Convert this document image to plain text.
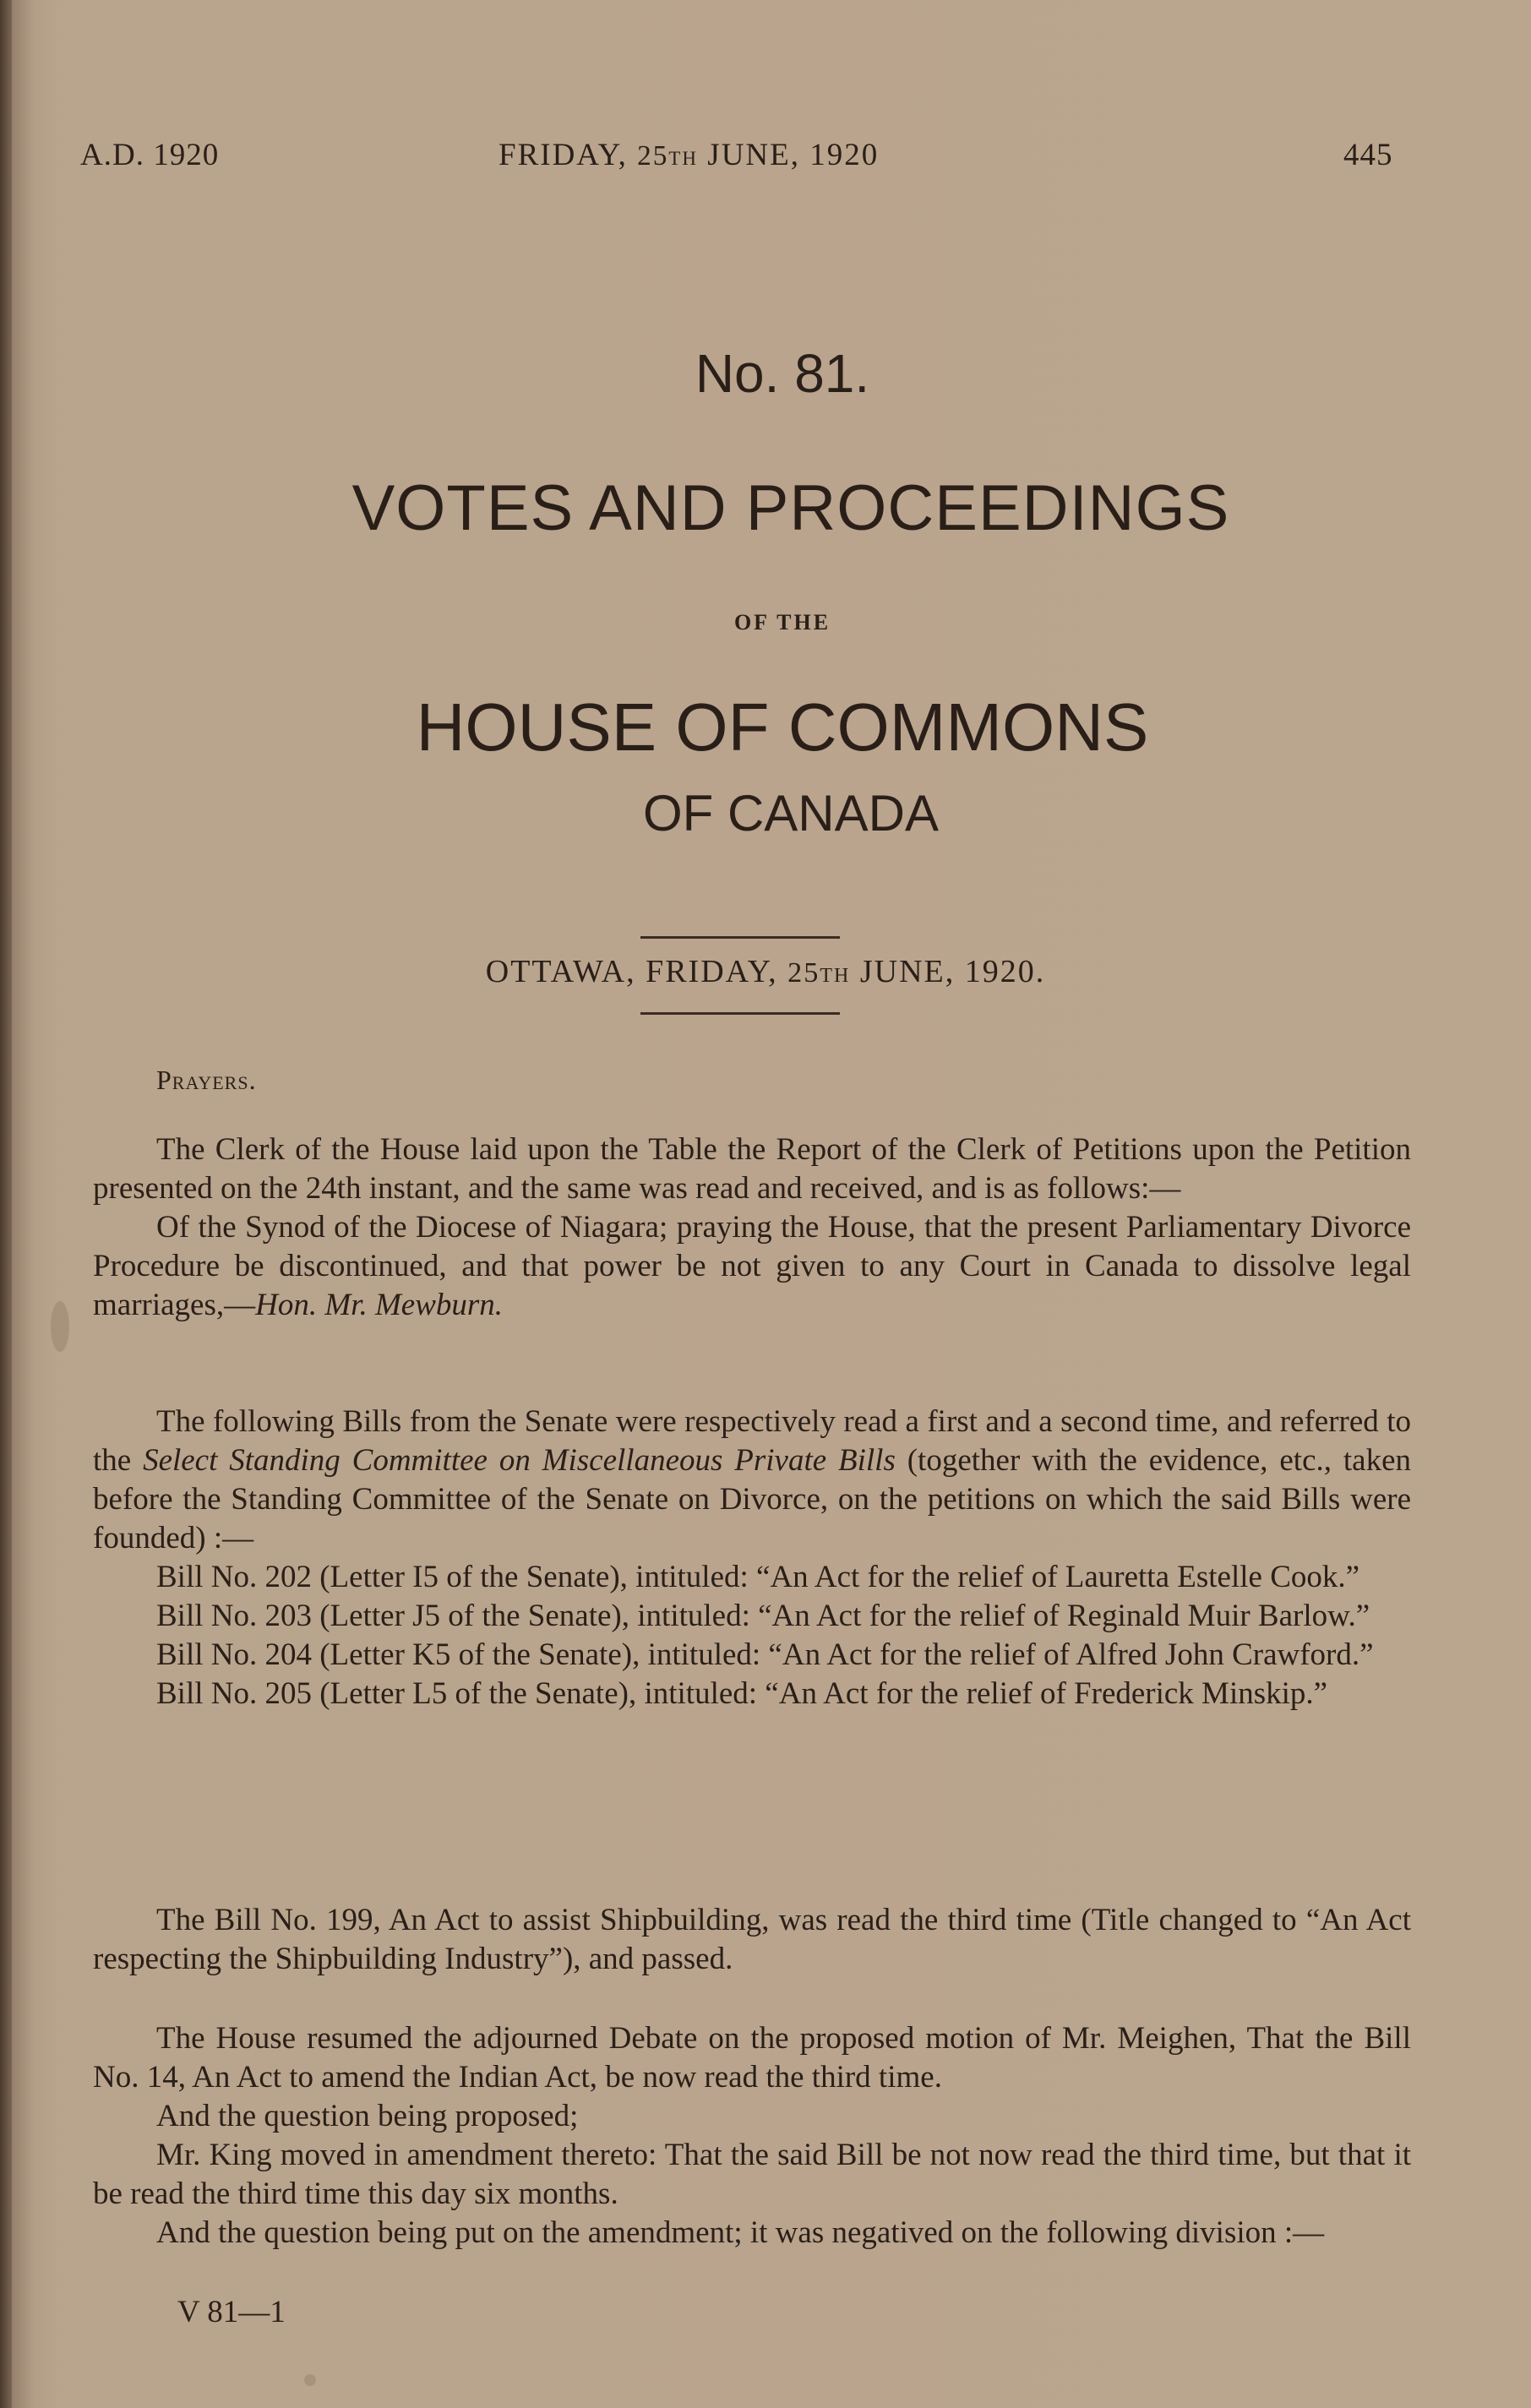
A.D. 1920	FRIDAY, 25th JUNE, 1920	445
No. 81.
VOTES AND PROCEEDINGS
OF THE
HOUSE OF COMMONS
OF CANADA
OTTAWA, FRIDAY, 25th JUNE, 1920.
Prayers.

The Clerk of the House laid upon the Table the Report of the Clerk of Petitions upon the Petition presented on the 24th instant, and the same was read and received, and is as follows:—

Of the Synod of the Diocese of Niagara; praying the House, that the present Parliamentary Divorce Procedure be discontinued, and that power be not given to any Court in Canada to dissolve legal marriages,—Hon. Mr. Mewburn.

The following Bills from the Senate were respectively read a first and a second time, and referred to the Select Standing Committee on Miscellaneous Private Bills (together with the evidence, etc., taken before the Standing Committee of the Senate on Divorce, on the petitions on which the said Bills were founded) :—

Bill No. 202 (Letter I5 of the Senate), intituled: “An Act for the relief of Lauretta Estelle Cook.”

Bill No. 203 (Letter J5 of the Senate), intituled: “An Act for the relief of Reginald Muir Barlow.”

Bill No. 204 (Letter K5 of the Senate), intituled: “An Act for the relief of Alfred John Crawford.”

Bill No. 205 (Letter L5 of the Senate), intituled: “An Act for the relief of Frederick Minskip.”

The Bill No. 199, An Act to assist Shipbuilding, was read the third time (Title changed to “An Act respecting the Shipbuilding Industry”), and passed.

The House resumed the adjourned Debate on the proposed motion of Mr. Meighen, That the Bill No. 14, An Act to amend the Indian Act, be now read the third time.

And the question being proposed;

Mr. King moved in amendment thereto: That the said Bill be not now read the third time, but that it be read the third time this day six months.

And the question being put on the amendment; it was negatived on the following division :—

V 81—1
